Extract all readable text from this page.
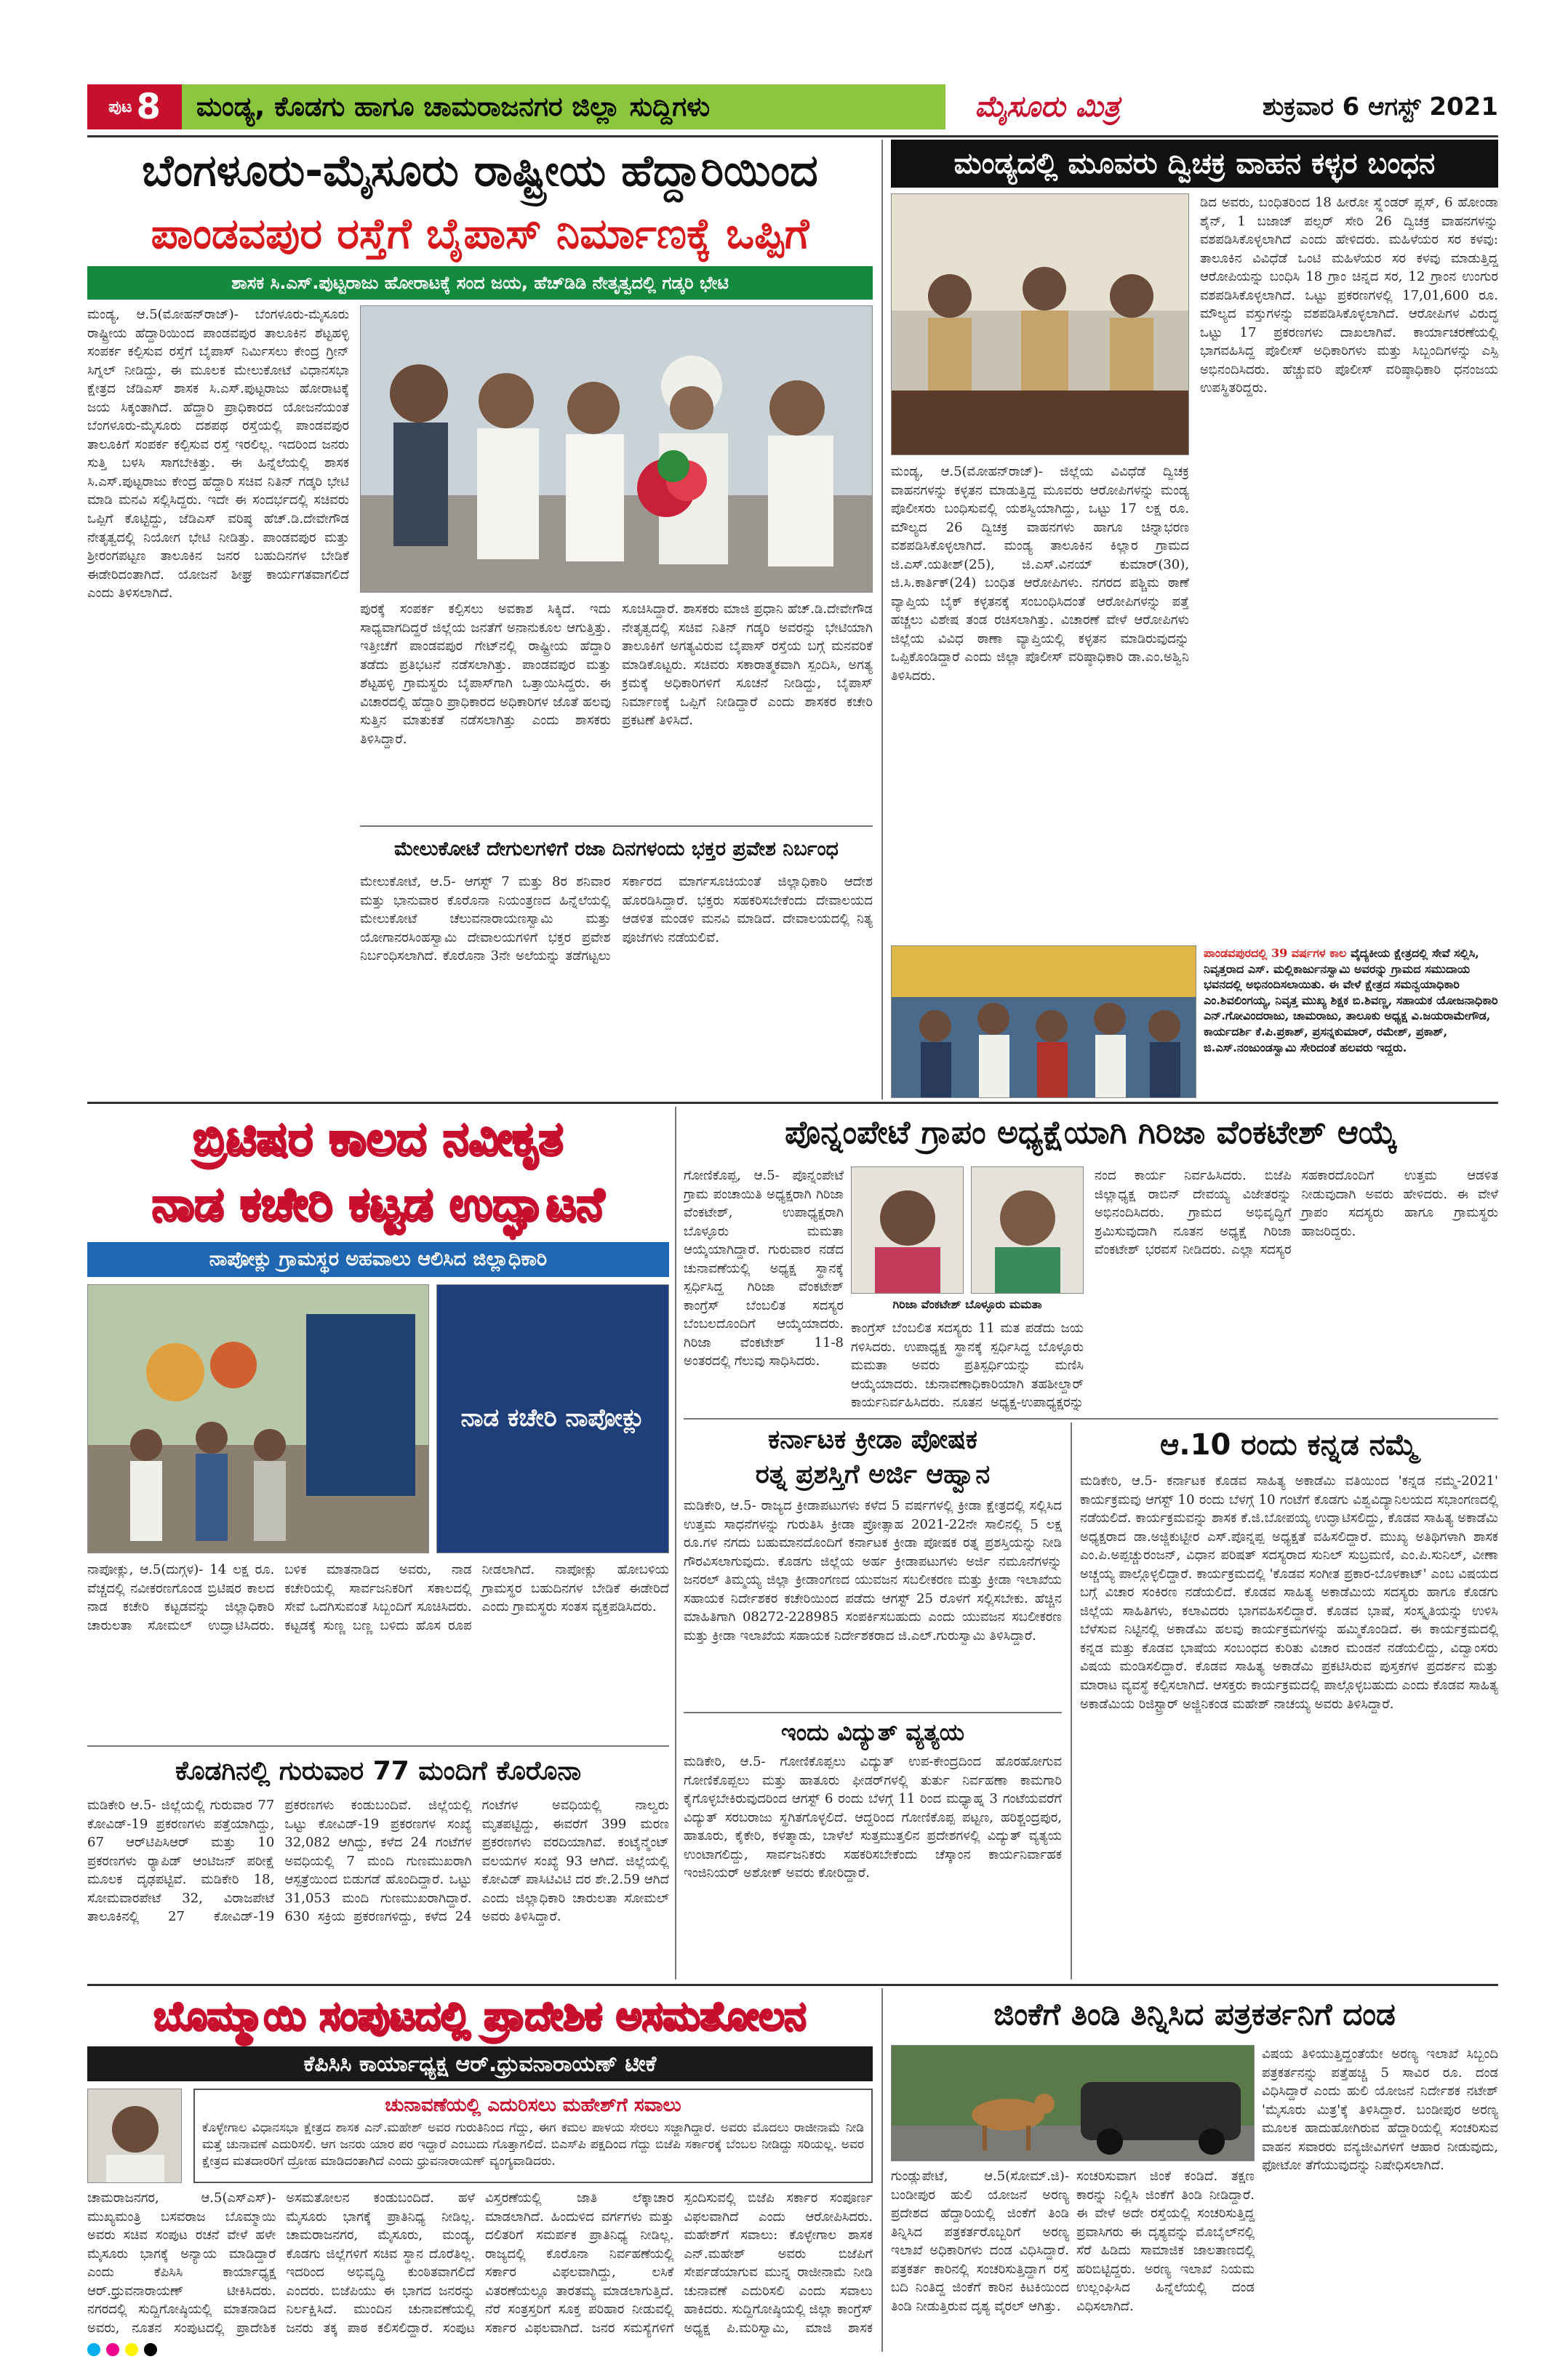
ಪುಟ 8 ಮಂಡ್ಯ, ಕೊಡಗು ಹಾಗೂ ಚಾಮರಾಜನಗರ ಜಿಲ್ಲಾ ಸುದ್ದಿಗಳು	ಮೈಸೂರು ಮಿತ್ರ	ಶುಕ್ರವಾರ 6 ಆಗಸ್ಟ್ 2021
ಬೆಂಗಳೂರು-ಮೈಸೂರು ರಾಷ್ಟ್ರೀಯ ಹೆದ್ದಾರಿಯಿಂದ
ಪಾಂಡವಪುರ ರಸ್ತೆಗೆ ಬೈಪಾಸ್ ನಿರ್ಮಾಣಕ್ಕೆ ಒಪ್ಪಿಗೆ
ಶಾಸಕ ಸಿ.ಎಸ್.ಪುಟ್ಟರಾಜು ಹೋರಾಟಕ್ಕೆ ಸಂದ ಜಯ, ಹೆಚ್‌ಡಿಡಿ ನೇತೃತ್ವದಲ್ಲಿ ಗಡ್ಕರಿ ಭೇಟಿ
ಮಂಡ್ಯ, ಆ.5(ಮೋಹನ್‌ರಾಜ್)- ಬೆಂಗಳೂರು-ಮೈಸೂರು ರಾಷ್ಟ್ರೀಯ ಹೆದ್ದಾರಿಯಿಂದ ಪಾಂಡವಪುರ ತಾಲೂಕಿನ ಶೆಟ್ಟಹಳ್ಳಿ ಸಂಪರ್ಕ ಕಲ್ಪಿಸುವ ರಸ್ತೆಗೆ ಬೈಪಾಸ್ ನಿರ್ಮಿಸಲು ಕೇಂದ್ರ ಗ್ರೀನ್ ಸಿಗ್ನಲ್ ನೀಡಿದ್ದು, ಈ ಮೂಲಕ ಮೇಲುಕೋಟೆ ವಿಧಾನಸಭಾ ಕ್ಷೇತ್ರದ ಜೆಡಿಎಸ್ ಶಾಸಕ ಸಿ.ಎಸ್.ಪುಟ್ಟರಾಜು ಹೋರಾಟಕ್ಕೆ ಜಯ ಸಿಕ್ಕಂತಾಗಿದೆ. ಹೆದ್ದಾರಿ ಪ್ರಾಧಿಕಾರದ ಯೋಜನೆಯಂತೆ ಬೆಂಗಳೂರು-ಮೈಸೂರು ದಶಪಥ ರಸ್ತೆಯಲ್ಲಿ ಪಾಂಡವಪುರ ತಾಲೂಕಿಗೆ ಸಂಪರ್ಕ ಕಲ್ಪಿಸುವ ರಸ್ತೆ ಇರಲಿಲ್ಲ. ಇದರಿಂದ ಜನರು ಸುತ್ತಿ ಬಳಸಿ ಸಾಗಬೇಕಿತ್ತು. ಈ ಹಿನ್ನೆಲೆಯಲ್ಲಿ ಶಾಸಕ ಸಿ.ಎಸ್.ಪುಟ್ಟರಾಜು ಕೇಂದ್ರ ಹೆದ್ದಾರಿ ಸಚಿವ ನಿತಿನ್ ಗಡ್ಕರಿ ಭೇಟಿ ಮಾಡಿ ಮನವಿ ಸಲ್ಲಿಸಿದ್ದರು. ಇದೇ ಈ ಸಂದರ್ಭದಲ್ಲಿ ಸಚಿವರು ಒಪ್ಪಿಗೆ ಕೊಟ್ಟಿದ್ದು, ಜೆಡಿಎಸ್ ವರಿಷ್ಠ ಹೆಚ್.ಡಿ.ದೇವೇಗೌಡ ನೇತೃತ್ವದಲ್ಲಿ ನಿಯೋಗ ಭೇಟಿ ನೀಡಿತ್ತು. ಪಾಂಡವಪುರ ಮತ್ತು ಶ್ರೀರಂಗಪಟ್ಟಣ ತಾಲೂಕಿನ ಜನರ ಬಹುದಿನಗಳ ಬೇಡಿಕೆ ಈಡೇರಿದಂತಾಗಿದೆ. ಯೋಜನೆ ಶೀಘ್ರ ಕಾರ್ಯಗತವಾಗಲಿದೆ ಎಂದು ತಿಳಿಸಲಾಗಿದೆ.
ಪುರಕ್ಕೆ ಸಂಪರ್ಕ ಕಲ್ಪಿಸಲು ಅವಕಾಶ ಸಿಕ್ಕಿದೆ. ಇದು ಸಾಧ್ಯವಾಗದಿದ್ದರೆ ಜಿಲ್ಲೆಯ ಜನತೆಗೆ ಅನಾನುಕೂಲ ಆಗುತ್ತಿತ್ತು. ಇತ್ತೀಚೆಗೆ ಪಾಂಡವಪುರ ಗೇಟ್‌ನಲ್ಲಿ ರಾಷ್ಟ್ರೀಯ ಹೆದ್ದಾರಿ ತಡೆದು ಪ್ರತಿಭಟನೆ ನಡೆಸಲಾಗಿತ್ತು. ಪಾಂಡವಪುರ ಮತ್ತು ಶೆಟ್ಟಹಳ್ಳಿ ಗ್ರಾಮಸ್ಥರು ಬೈಪಾಸ್‌ಗಾಗಿ ಒತ್ತಾಯಿಸಿದ್ದರು. ಈ ವಿಚಾರದಲ್ಲಿ ಹೆದ್ದಾರಿ ಪ್ರಾಧಿಕಾರದ ಅಧಿಕಾರಿಗಳ ಜೊತೆ ಹಲವು ಸುತ್ತಿನ ಮಾತುಕತೆ ನಡೆಸಲಾಗಿತ್ತು ಎಂದು ಶಾಸಕರು ತಿಳಿಸಿದ್ದಾರೆ.
ಸೂಚಿಸಿದ್ದಾರೆ. ಶಾಸಕರು ಮಾಜಿ ಪ್ರಧಾನಿ ಹೆಚ್.ಡಿ.ದೇವೇಗೌಡ ನೇತೃತ್ವದಲ್ಲಿ ಸಚಿವ ನಿತಿನ್ ಗಡ್ಕರಿ ಅವರನ್ನು ಭೇಟಿಯಾಗಿ ತಾಲೂಕಿಗೆ ಅಗತ್ಯವಿರುವ ಬೈಪಾಸ್ ರಸ್ತೆಯ ಬಗ್ಗೆ ಮನವರಿಕೆ ಮಾಡಿಕೊಟ್ಟರು. ಸಚಿವರು ಸಕಾರಾತ್ಮಕವಾಗಿ ಸ್ಪಂದಿಸಿ, ಅಗತ್ಯ ಕ್ರಮಕ್ಕೆ ಅಧಿಕಾರಿಗಳಿಗೆ ಸೂಚನೆ ನೀಡಿದ್ದು, ಬೈಪಾಸ್ ನಿರ್ಮಾಣಕ್ಕೆ ಒಪ್ಪಿಗೆ ನೀಡಿದ್ದಾರೆ ಎಂದು ಶಾಸಕರ ಕಚೇರಿ ಪ್ರಕಟಣೆ ತಿಳಿಸಿದೆ.
ಮೇಲುಕೋಟೆ ದೇಗುಲಗಳಿಗೆ ರಜಾ ದಿನಗಳಂದು ಭಕ್ತರ ಪ್ರವೇಶ ನಿರ್ಬಂಧ
ಮೇಲುಕೋಟೆ, ಆ.5- ಆಗಸ್ಟ್ 7 ಮತ್ತು 8ರ ಶನಿವಾರ ಮತ್ತು ಭಾನುವಾರ ಕೊರೊನಾ ನಿಯಂತ್ರಣದ ಹಿನ್ನೆಲೆಯಲ್ಲಿ ಮೇಲುಕೋಟೆ ಚೆಲುವನಾರಾಯಣಸ್ವಾಮಿ ಮತ್ತು ಯೋಗಾನರಸಿಂಹಸ್ವಾಮಿ ದೇವಾಲಯಗಳಿಗೆ ಭಕ್ತರ ಪ್ರವೇಶ ನಿರ್ಬಂಧಿಸಲಾಗಿದೆ. ಕೊರೊನಾ 3ನೇ ಅಲೆಯನ್ನು ತಡೆಗಟ್ಟಲು ಸರ್ಕಾರದ ಮಾರ್ಗಸೂಚಿಯಂತೆ ಜಿಲ್ಲಾಧಿಕಾರಿ ಆದೇಶ ಹೊರಡಿಸಿದ್ದಾರೆ. ಭಕ್ತರು ಸಹಕರಿಸಬೇಕೆಂದು ದೇವಾಲಯದ ಆಡಳಿತ ಮಂಡಳಿ ಮನವಿ ಮಾಡಿದೆ. ದೇವಾಲಯದಲ್ಲಿ ನಿತ್ಯ ಪೂಜೆಗಳು ನಡೆಯಲಿವೆ.
ಮಂಡ್ಯದಲ್ಲಿ ಮೂವರು ದ್ವಿಚಕ್ರ ವಾಹನ ಕಳ್ಳರ ಬಂಧನ
ಮಂಡ್ಯ, ಆ.5(ಮೋಹನ್‌ರಾಜ್)- ಜಿಲ್ಲೆಯ ವಿವಿಧೆಡೆ ದ್ವಿಚಕ್ರ ವಾಹನಗಳನ್ನು ಕಳ್ಳತನ ಮಾಡುತ್ತಿದ್ದ ಮೂವರು ಆರೋಪಿಗಳನ್ನು ಮಂಡ್ಯ ಪೊಲೀಸರು ಬಂಧಿಸುವಲ್ಲಿ ಯಶಸ್ವಿಯಾಗಿದ್ದು, ಒಟ್ಟು 17 ಲಕ್ಷ ರೂ. ಮೌಲ್ಯದ 26 ದ್ವಿಚಕ್ರ ವಾಹನಗಳು ಹಾಗೂ ಚಿನ್ನಾಭರಣ ವಶಪಡಿಸಿಕೊಳ್ಳಲಾಗಿದೆ. ಮಂಡ್ಯ ತಾಲೂಕಿನ ಕಿಲ್ಲಾರ ಗ್ರಾಮದ ಜಿ.ಎಸ್.ಯತೀಶ್(25), ಜಿ.ಎಸ್.ವಿನಯ್ ಕುಮಾರ್(30), ಜಿ.ಸಿ.ಕಾರ್ತಿಕ್(24) ಬಂಧಿತ ಆರೋಪಿಗಳು. ನಗರದ ಪಶ್ಚಿಮ ಠಾಣೆ ವ್ಯಾಪ್ತಿಯ ಬೈಕ್ ಕಳ್ಳತನಕ್ಕೆ ಸಂಬಂಧಿಸಿದಂತೆ ಆರೋಪಿಗಳನ್ನು ಪತ್ತೆ ಹಚ್ಚಲು ವಿಶೇಷ ತಂಡ ರಚಿಸಲಾಗಿತ್ತು. ವಿಚಾರಣೆ ವೇಳೆ ಆರೋಪಿಗಳು ಜಿಲ್ಲೆಯ ವಿವಿಧ ಠಾಣಾ ವ್ಯಾಪ್ತಿಯಲ್ಲಿ ಕಳ್ಳತನ ಮಾಡಿರುವುದನ್ನು ಒಪ್ಪಿಕೊಂಡಿದ್ದಾರೆ ಎಂದು ಜಿಲ್ಲಾ ಪೊಲೀಸ್ ವರಿಷ್ಠಾಧಿಕಾರಿ ಡಾ.ಎಂ.ಅಶ್ವಿನಿ ತಿಳಿಸಿದರು.
ಡಿದ ಅವರು, ಬಂಧಿತರಿಂದ 18 ಹೀರೋ ಸ್ಪ್ಲೆಂಡರ್ ಪ್ಲಸ್, 6 ಹೋಂಡಾ ಶೈನ್, 1 ಬಜಾಜ್ ಪಲ್ಸರ್ ಸೇರಿ 26 ದ್ವಿಚಕ್ರ ವಾಹನಗಳನ್ನು ವಶಪಡಿಸಿಕೊಳ್ಳಲಾಗಿದೆ ಎಂದು ಹೇಳಿದರು. ಮಹಿಳೆಯರ ಸರ ಕಳವು: ತಾಲೂಕಿನ ವಿವಿಧೆಡೆ ಒಂಟಿ ಮಹಿಳೆಯರ ಸರ ಕಳವು ಮಾಡುತ್ತಿದ್ದ ಆರೋಪಿಯನ್ನು ಬಂಧಿಸಿ 18 ಗ್ರಾಂ ಚಿನ್ನದ ಸರ, 12 ಗ್ರಾಂನ ಉಂಗುರ ವಶಪಡಿಸಿಕೊಳ್ಳಲಾಗಿದೆ. ಒಟ್ಟು ಪ್ರಕರಣಗಳಲ್ಲಿ 17,01,600 ರೂ. ಮೌಲ್ಯದ ವಸ್ತುಗಳನ್ನು ವಶಪಡಿಸಿಕೊಳ್ಳಲಾಗಿದೆ. ಆರೋಪಿಗಳ ವಿರುದ್ಧ ಒಟ್ಟು 17 ಪ್ರಕರಣಗಳು ದಾಖಲಾಗಿವೆ. ಕಾರ್ಯಾಚರಣೆಯಲ್ಲಿ ಭಾಗವಹಿಸಿದ್ದ ಪೊಲೀಸ್ ಅಧಿಕಾರಿಗಳು ಮತ್ತು ಸಿಬ್ಬಂದಿಗಳನ್ನು ಎಸ್ಪಿ ಅಭಿನಂದಿಸಿದರು. ಹೆಚ್ಚುವರಿ ಪೊಲೀಸ್ ವರಿಷ್ಠಾಧಿಕಾರಿ ಧನಂಜಯ ಉಪಸ್ಥಿತರಿದ್ದರು.
ಪಾಂಡವಪುರದಲ್ಲಿ 39 ವರ್ಷಗಳ ಕಾಲ ವೈದ್ಯಕೀಯ ಕ್ಷೇತ್ರದಲ್ಲಿ ಸೇವೆ ಸಲ್ಲಿಸಿ, ನಿವೃತ್ತರಾದ ಎಸ್. ಮಲ್ಲಿಕಾರ್ಜುನಸ್ವಾಮಿ ಅವರನ್ನು ಗ್ರಾಮದ ಸಮುದಾಯ ಭವನದಲ್ಲಿ ಅಭಿನಂದಿಸಲಾಯಿತು. ಈ ವೇಳೆ ಕ್ಷೇತ್ರದ ಸಮನ್ವಯಾಧಿಕಾರಿ ಎಂ.ಶಿವಲಿಂಗಯ್ಯ, ನಿವೃತ್ತ ಮುಖ್ಯ ಶಿಕ್ಷಕ ಬಿ.ಶಿವಣ್ಣ, ಸಹಾಯಕ ಯೋಜನಾಧಿಕಾರಿ ಎನ್.ಗೋವಿಂದರಾಜು, ಚಾಮರಾಜು, ತಾಲೂಕು ಅಧ್ಯಕ್ಷ ವಿ.ಜಯರಾಮೇಗೌಡ, ಕಾರ್ಯದರ್ಶಿ ಕೆ.ಪಿ.ಪ್ರಕಾಶ್, ಪ್ರಸನ್ನಕುಮಾರ್, ರಮೇಶ್, ಪ್ರಕಾಶ್, ಜಿ.ಎಸ್.ನಂಜುಂಡಸ್ವಾಮಿ ಸೇರಿದಂತೆ ಹಲವರು ಇದ್ದರು.
ಬ್ರಿಟಿಷರ ಕಾಲದ ನವೀಕೃತ
ನಾಡ ಕಚೇರಿ ಕಟ್ಟಡ ಉದ್ಘಾಟನೆ
ನಾಪೋಕ್ಲು ಗ್ರಾಮಸ್ಥರ ಅಹವಾಲು ಆಲಿಸಿದ ಜಿಲ್ಲಾಧಿಕಾರಿ
ನಾಡ ಕಚೇರಿ ನಾಪೋಕ್ಲು
ನಾಪೋಕ್ಲು, ಆ.5(ದುಗ್ಗಳ)- 14 ಲಕ್ಷ ರೂ. ವೆಚ್ಚದಲ್ಲಿ ನವೀಕರಣಗೊಂಡ ಬ್ರಿಟಿಷರ ಕಾಲದ ನಾಡ ಕಚೇರಿ ಕಟ್ಟಡವನ್ನು ಜಿಲ್ಲಾಧಿಕಾರಿ ಚಾರುಲತಾ ಸೋಮಲ್ ಉದ್ಘಾಟಿಸಿದರು. ಬಳಿಕ ಮಾತನಾಡಿದ ಅವರು, ನಾಡ ಕಚೇರಿಯಲ್ಲಿ ಸಾರ್ವಜನಿಕರಿಗೆ ಸಕಾಲದಲ್ಲಿ ಸೇವೆ ಒದಗಿಸುವಂತೆ ಸಿಬ್ಬಂದಿಗೆ ಸೂಚಿಸಿದರು. ಕಟ್ಟಡಕ್ಕೆ ಸುಣ್ಣ ಬಣ್ಣ ಬಳಿದು ಹೊಸ ರೂಪ ನೀಡಲಾಗಿದೆ. ನಾಪೋಕ್ಲು ಹೋಬಳಿಯ ಗ್ರಾಮಸ್ಥರ ಬಹುದಿನಗಳ ಬೇಡಿಕೆ ಈಡೇರಿದೆ ಎಂದು ಗ್ರಾಮಸ್ಥರು ಸಂತಸ ವ್ಯಕ್ತಪಡಿಸಿದರು.
ಕೊಡಗಿನಲ್ಲಿ ಗುರುವಾರ 77 ಮಂದಿಗೆ ಕೊರೊನಾ
ಮಡಿಕೇರಿ ಆ.5- ಜಿಲ್ಲೆಯಲ್ಲಿ ಗುರುವಾರ 77 ಕೋವಿಡ್-19 ಪ್ರಕರಣಗಳು ಪತ್ತೆಯಾಗಿದ್ದು, 67 ಆರ್‌ಟಿಪಿಸಿಆರ್ ಮತ್ತು 10 ಪ್ರಕರಣಗಳು ರ‍್ಯಾಪಿಡ್ ಆಂಟಿಜನ್ ಪರೀಕ್ಷೆ ಮೂಲಕ ದೃಢಪಟ್ಟಿವೆ. ಮಡಿಕೇರಿ 18, ಸೋಮವಾರಪೇಟೆ 32, ವಿರಾಜಪೇಟೆ ತಾಲೂಕಿನಲ್ಲಿ 27 ಕೋವಿಡ್-19 ಪ್ರಕರಣಗಳು ಕಂಡುಬಂದಿವೆ. ಜಿಲ್ಲೆಯಲ್ಲಿ ಒಟ್ಟು ಕೋವಿಡ್-19 ಪ್ರಕರಣಗಳ ಸಂಖ್ಯೆ 32,082 ಆಗಿದ್ದು, ಕಳೆದ 24 ಗಂಟೆಗಳ ಅವಧಿಯಲ್ಲಿ 7 ಮಂದಿ ಗುಣಮುಖರಾಗಿ ಆಸ್ಪತ್ರೆಯಿಂದ ಬಿಡುಗಡೆ ಹೊಂದಿದ್ದಾರೆ. ಒಟ್ಟು 31,053 ಮಂದಿ ಗುಣಮುಖರಾಗಿದ್ದಾರೆ. 630 ಸಕ್ರಿಯ ಪ್ರಕರಣಗಳಿದ್ದು, ಕಳೆದ 24 ಗಂಟೆಗಳ ಅವಧಿಯಲ್ಲಿ ನಾಲ್ವರು ಮೃತಪಟ್ಟಿದ್ದು, ಈವರೆಗೆ 399 ಮರಣ ಪ್ರಕರಣಗಳು ವರದಿಯಾಗಿವೆ. ಕಂಟೈನ್ಮೆಂಟ್ ವಲಯಗಳ ಸಂಖ್ಯೆ 93 ಆಗಿದೆ. ಜಿಲ್ಲೆಯಲ್ಲಿ ಕೋವಿಡ್ ಪಾಸಿಟಿವಿಟಿ ದರ ಶೇ.2.59 ಆಗಿದೆ ಎಂದು ಜಿಲ್ಲಾಧಿಕಾರಿ ಚಾರುಲತಾ ಸೋಮಲ್ ಅವರು ತಿಳಿಸಿದ್ದಾರೆ.
ಪೊನ್ನಂಪೇಟೆ ಗ್ರಾಪಂ ಅಧ್ಯಕ್ಷೆಯಾಗಿ ಗಿರಿಜಾ ವೆಂಕಟೇಶ್ ಆಯ್ಕೆ
ಗೋಣಿಕೊಪ್ಪ, ಆ.5- ಪೊನ್ನಂಪೇಟೆ ಗ್ರಾಮ ಪಂಚಾಯಿತಿ ಅಧ್ಯಕ್ಷರಾಗಿ ಗಿರಿಜಾ ವೆಂಕಟೇಶ್, ಉಪಾಧ್ಯಕ್ಷರಾಗಿ ಬೊಳ್ಳೂರು ಮಮತಾ ಆಯ್ಕೆಯಾಗಿದ್ದಾರೆ. ಗುರುವಾರ ನಡೆದ ಚುನಾವಣೆಯಲ್ಲಿ ಅಧ್ಯಕ್ಷ ಸ್ಥಾನಕ್ಕೆ ಸ್ಪರ್ಧಿಸಿದ್ದ ಗಿರಿಜಾ ವೆಂಕಟೇಶ್ ಕಾಂಗ್ರೆಸ್ ಬೆಂಬಲಿತ ಸದಸ್ಯರ ಬೆಂಬಲದೊಂದಿಗೆ ಆಯ್ಕೆಯಾದರು. ಗಿರಿಜಾ ವೆಂಕಟೇಶ್ 11-8 ಅಂತರದಲ್ಲಿ ಗೆಲುವು ಸಾಧಿಸಿದರು.
ಗಿರಿಜಾ ವೆಂಕಟೇಶ್ ಬೊಳ್ಳೂರು ಮಮತಾ
ಕಾಂಗ್ರೆಸ್ ಬೆಂಬಲಿತ ಸದಸ್ಯರು 11 ಮತ ಪಡೆದು ಜಯ ಗಳಿಸಿದರು. ಉಪಾಧ್ಯಕ್ಷ ಸ್ಥಾನಕ್ಕೆ ಸ್ಪರ್ಧಿಸಿದ್ದ ಬೊಳ್ಳೂರು ಮಮತಾ ಅವರು ಪ್ರತಿಸ್ಪರ್ಧಿಯನ್ನು ಮಣಿಸಿ ಆಯ್ಕೆಯಾದರು. ಚುನಾವಣಾಧಿಕಾರಿಯಾಗಿ ತಹಶೀಲ್ದಾರ್ ಕಾರ್ಯನಿರ್ವಹಿಸಿದರು. ನೂತನ ಅಧ್ಯಕ್ಷ-ಉಪಾಧ್ಯಕ್ಷರನ್ನು
ನಂದ ಕಾರ್ಯ ನಿರ್ವಹಿಸಿದರು. ಬಿಜೆಪಿ ಜಿಲ್ಲಾಧ್ಯಕ್ಷ ರಾಬಿನ್ ದೇವಯ್ಯ ವಿಜೇತರನ್ನು ಅಭಿನಂದಿಸಿದರು. ಗ್ರಾಮದ ಅಭಿವೃದ್ಧಿಗೆ ಶ್ರಮಿಸುವುದಾಗಿ ನೂತನ ಅಧ್ಯಕ್ಷೆ ಗಿರಿಜಾ ವೆಂಕಟೇಶ್ ಭರವಸೆ ನೀಡಿದರು. ಎಲ್ಲಾ ಸದಸ್ಯರ ಸಹಕಾರದೊಂದಿಗೆ ಉತ್ತಮ ಆಡಳಿತ ನೀಡುವುದಾಗಿ ಅವರು ಹೇಳಿದರು. ಈ ವೇಳೆ ಗ್ರಾಪಂ ಸದಸ್ಯರು ಹಾಗೂ ಗ್ರಾಮಸ್ಥರು ಹಾಜರಿದ್ದರು.
ಕರ್ನಾಟಕ ಕ್ರೀಡಾ ಪೋಷಕ
ರತ್ನ ಪ್ರಶಸ್ತಿಗೆ ಅರ್ಜಿ ಆಹ್ವಾನ
ಮಡಿಕೇರಿ, ಆ.5- ರಾಜ್ಯದ ಕ್ರೀಡಾಪಟುಗಳು ಕಳೆದ 5 ವರ್ಷಗಳಲ್ಲಿ ಕ್ರೀಡಾ ಕ್ಷೇತ್ರದಲ್ಲಿ ಸಲ್ಲಿಸಿದ ಉತ್ತಮ ಸಾಧನೆಗಳನ್ನು ಗುರುತಿಸಿ ಕ್ರೀಡಾ ಪ್ರೋತ್ಸಾಹ 2021-22ನೇ ಸಾಲಿನಲ್ಲಿ 5 ಲಕ್ಷ ರೂ.ಗಳ ನಗದು ಬಹುಮಾನದೊಂದಿಗೆ ಕರ್ನಾಟಕ ಕ್ರೀಡಾ ಪೋಷಕ ರತ್ನ ಪ್ರಶಸ್ತಿಯನ್ನು ನೀಡಿ ಗೌರವಿಸಲಾಗುವುದು. ಕೊಡಗು ಜಿಲ್ಲೆಯ ಅರ್ಹ ಕ್ರೀಡಾಪಟುಗಳು ಅರ್ಜಿ ನಮೂನೆಗಳನ್ನು ಜನರಲ್ ತಿಮ್ಮಯ್ಯ ಜಿಲ್ಲಾ ಕ್ರೀಡಾಂಗಣದ ಯುವಜನ ಸಬಲೀಕರಣ ಮತ್ತು ಕ್ರೀಡಾ ಇಲಾಖೆಯ ಸಹಾಯಕ ನಿರ್ದೇಶಕರ ಕಚೇರಿಯಿಂದ ಪಡೆದು ಆಗಸ್ಟ್ 25 ರೊಳಗೆ ಸಲ್ಲಿಸಬೇಕು. ಹೆಚ್ಚಿನ ಮಾಹಿತಿಗಾಗಿ 08272-228985 ಸಂಪರ್ಕಿಸಬಹುದು ಎಂದು ಯುವಜನ ಸಬಲೀಕರಣ ಮತ್ತು ಕ್ರೀಡಾ ಇಲಾಖೆಯ ಸಹಾಯಕ ನಿರ್ದೇಶಕರಾದ ಜಿ.ಎಲ್.ಗುರುಸ್ವಾಮಿ ತಿಳಿಸಿದ್ದಾರೆ.
ಇಂದು ವಿದ್ಯುತ್ ವ್ಯತ್ಯಯ
ಮಡಿಕೇರಿ, ಆ.5- ಗೋಣಿಕೊಪ್ಪಲು ವಿದ್ಯುತ್ ಉಪ-ಕೇಂದ್ರದಿಂದ ಹೊರಹೋಗುವ ಗೋಣಿಕೊಪ್ಪಲು ಮತ್ತು ಹಾತೂರು ಫೀಡರ್‌ಗಳಲ್ಲಿ ತುರ್ತು ನಿರ್ವಹಣಾ ಕಾಮಗಾರಿ ಕೈಗೊಳ್ಳಬೇಕಿರುವುದರಿಂದ ಆಗಸ್ಟ್ 6 ರಂದು ಬೆಳಗ್ಗೆ 11 ರಿಂದ ಮಧ್ಯಾಹ್ನ 3 ಗಂಟೆಯವರೆಗೆ ವಿದ್ಯುತ್ ಸರಬರಾಜು ಸ್ಥಗಿತಗೊಳ್ಳಲಿದೆ. ಆದ್ದರಿಂದ ಗೋಣಿಕೊಪ್ಪ ಪಟ್ಟಣ, ಹರಿಶ್ಚಂದ್ರಪುರ, ಹಾತೂರು, ಕೈಕೇರಿ, ಕಳತ್ಮಾಡು, ಬಾಳೆಲೆ ಸುತ್ತಮುತ್ತಲಿನ ಪ್ರದೇಶಗಳಲ್ಲಿ ವಿದ್ಯುತ್ ವ್ಯತ್ಯಯ ಉಂಟಾಗಲಿದ್ದು, ಸಾರ್ವಜನಿಕರು ಸಹಕರಿಸಬೇಕೆಂದು ಚೆಸ್ಕಾಂನ ಕಾರ್ಯನಿರ್ವಾಹಕ ಇಂಜಿನಿಯರ್ ಅಶೋಕ್ ಅವರು ಕೋರಿದ್ದಾರೆ.
ಆ.10 ರಂದು ಕನ್ನಡ ನಮ್ಮೆ
ಮಡಿಕೇರಿ, ಆ.5- ಕರ್ನಾಟಕ ಕೊಡವ ಸಾಹಿತ್ಯ ಅಕಾಡೆಮಿ ವತಿಯಿಂದ 'ಕನ್ನಡ ನಮ್ಮೆ-2021' ಕಾರ್ಯಕ್ರಮವು ಆಗಸ್ಟ್ 10 ರಂದು ಬೆಳಗ್ಗೆ 10 ಗಂಟೆಗೆ ಕೊಡಗು ವಿಶ್ವವಿದ್ಯಾನಿಲಯದ ಸಭಾಂಗಣದಲ್ಲಿ ನಡೆಯಲಿದೆ. ಕಾರ್ಯಕ್ರಮವನ್ನು ಶಾಸಕ ಕೆ.ಜಿ.ಬೋಪಯ್ಯ ಉದ್ಘಾಟಿಸಲಿದ್ದು, ಕೊಡವ ಸಾಹಿತ್ಯ ಅಕಾಡೆಮಿ ಅಧ್ಯಕ್ಷರಾದ ಡಾ.ಅಜ್ಜಿಕುಟ್ಟೀರ ಎಸ್.ಪೊನ್ನಪ್ಪ ಅಧ್ಯಕ್ಷತೆ ವಹಿಸಲಿದ್ದಾರೆ. ಮುಖ್ಯ ಅತಿಥಿಗಳಾಗಿ ಶಾಸಕ ಎಂ.ಪಿ.ಅಪ್ಪಚ್ಚುರಂಜನ್, ವಿಧಾನ ಪರಿಷತ್ ಸದಸ್ಯರಾದ ಸುನಿಲ್ ಸುಬ್ರಮಣಿ, ಎಂ.ಪಿ.ಸುನಿಲ್, ವೀಣಾ ಅಚ್ಚಯ್ಯ ಪಾಲ್ಗೊಳ್ಳಲಿದ್ದಾರೆ. ಕಾರ್ಯಕ್ರಮದಲ್ಲಿ 'ಕೊಡವ ಸಂಗೀತ ಪ್ರಕಾರ-ಬೊಳಕಾಟ್' ಎಂಬ ವಿಷಯದ ಬಗ್ಗೆ ವಿಚಾರ ಸಂಕಿರಣ ನಡೆಯಲಿದೆ. ಕೊಡವ ಸಾಹಿತ್ಯ ಅಕಾಡೆಮಿಯ ಸದಸ್ಯರು ಹಾಗೂ ಕೊಡಗು ಜಿಲ್ಲೆಯ ಸಾಹಿತಿಗಳು, ಕಲಾವಿದರು ಭಾಗವಹಿಸಲಿದ್ದಾರೆ. ಕೊಡವ ಭಾಷೆ, ಸಂಸ್ಕೃತಿಯನ್ನು ಉಳಿಸಿ ಬೆಳೆಸುವ ನಿಟ್ಟಿನಲ್ಲಿ ಅಕಾಡೆಮಿ ಹಲವು ಕಾರ್ಯಕ್ರಮಗಳನ್ನು ಹಮ್ಮಿಕೊಂಡಿದೆ. ಈ ಕಾರ್ಯಕ್ರಮದಲ್ಲಿ ಕನ್ನಡ ಮತ್ತು ಕೊಡವ ಭಾಷೆಯ ಸಂಬಂಧದ ಕುರಿತು ವಿಚಾರ ಮಂಡನೆ ನಡೆಯಲಿದ್ದು, ವಿದ್ವಾಂಸರು ವಿಷಯ ಮಂಡಿಸಲಿದ್ದಾರೆ. ಕೊಡವ ಸಾಹಿತ್ಯ ಅಕಾಡೆಮಿ ಪ್ರಕಟಿಸಿರುವ ಪುಸ್ತಕಗಳ ಪ್ರದರ್ಶನ ಮತ್ತು ಮಾರಾಟ ವ್ಯವಸ್ಥೆ ಕಲ್ಪಿಸಲಾಗಿದೆ. ಆಸಕ್ತರು ಕಾರ್ಯಕ್ರಮದಲ್ಲಿ ಪಾಲ್ಗೊಳ್ಳಬಹುದು ಎಂದು ಕೊಡವ ಸಾಹಿತ್ಯ ಅಕಾಡೆಮಿಯ ರಿಜಿಸ್ಟ್ರಾರ್ ಅಜ್ಜಿನಿಕಂಡ ಮಹೇಶ್ ನಾಚಯ್ಯ ಅವರು ತಿಳಿಸಿದ್ದಾರೆ.
ಬೊಮ್ಮಾಯಿ ಸಂಪುಟದಲ್ಲಿ ಪ್ರಾದೇಶಿಕ ಅಸಮತೋಲನ
ಕೆಪಿಸಿಸಿ ಕಾರ್ಯಾಧ್ಯಕ್ಷ ಆರ್.ಧ್ರುವನಾರಾಯಣ್ ಟೀಕೆ
ಚಾಮರಾಜನಗರ, ಆ.5(ಎಸ್‌ಎಸ್)- ಮುಖ್ಯಮಂತ್ರಿ ಬಸವರಾಜ ಬೊಮ್ಮಾಯಿ ಅವರು ಸಚಿವ ಸಂಪುಟ ರಚನೆ ವೇಳೆ ಹಳೇ ಮೈಸೂರು ಭಾಗಕ್ಕೆ ಅನ್ಯಾಯ ಮಾಡಿದ್ದಾರೆ ಎಂದು ಕೆಪಿಸಿಸಿ ಕಾರ್ಯಾಧ್ಯಕ್ಷ ಆರ್.ಧ್ರುವನಾರಾಯಣ್ ಟೀಕಿಸಿದರು. ನಗರದಲ್ಲಿ ಸುದ್ದಿಗೋಷ್ಠಿಯಲ್ಲಿ ಮಾತನಾಡಿದ ಅವರು, ನೂತನ ಸಂಪುಟದಲ್ಲಿ ಪ್ರಾದೇಶಿಕ ಅಸಮತೋಲನ ಕಂಡುಬಂದಿದೆ. ಹಳೆ ಮೈಸೂರು ಭಾಗಕ್ಕೆ ಪ್ರಾತಿನಿಧ್ಯ ನೀಡಿಲ್ಲ. ಚಾಮರಾಜನಗರ, ಮೈಸೂರು, ಮಂಡ್ಯ, ಕೊಡಗು ಜಿಲ್ಲೆಗಳಿಗೆ ಸಚಿವ ಸ್ಥಾನ ದೊರೆತಿಲ್ಲ. ಇದರಿಂದ ಅಭಿವೃದ್ಧಿ ಕುಂಠಿತವಾಗಲಿದೆ ಎಂದರು. ಬಿಜೆಪಿಯು ಈ ಭಾಗದ ಜನರನ್ನು ನಿರ್ಲಕ್ಷಿಸಿದೆ. ಮುಂದಿನ ಚುನಾವಣೆಯಲ್ಲಿ ಜನರು ತಕ್ಕ ಪಾಠ ಕಲಿಸಲಿದ್ದಾರೆ. ಸಂಪುಟ ವಿಸ್ತರಣೆಯಲ್ಲಿ ಜಾತಿ ಲೆಕ್ಕಾಚಾರ ಮಾಡಲಾಗಿದೆ. ಹಿಂದುಳಿದ ವರ್ಗಗಳು ಮತ್ತು ದಲಿತರಿಗೆ ಸಮರ್ಪಕ ಪ್ರಾತಿನಿಧ್ಯ ನೀಡಿಲ್ಲ. ರಾಜ್ಯದಲ್ಲಿ ಕೊರೊನಾ ನಿರ್ವಹಣೆಯಲ್ಲಿ ಸರ್ಕಾರ ವಿಫಲವಾಗಿದ್ದು, ಲಸಿಕೆ ವಿತರಣೆಯಲ್ಲೂ ತಾರತಮ್ಯ ಮಾಡಲಾಗುತ್ತಿದೆ. ನೆರೆ ಸಂತ್ರಸ್ತರಿಗೆ ಸೂಕ್ತ ಪರಿಹಾರ ನೀಡುವಲ್ಲಿ ಸರ್ಕಾರ ವಿಫಲವಾಗಿದೆ. ಜನರ ಸಮಸ್ಯೆಗಳಿಗೆ ಸ್ಪಂದಿಸುವಲ್ಲಿ ಬಿಜೆಪಿ ಸರ್ಕಾರ ಸಂಪೂರ್ಣ ವಿಫಲವಾಗಿದೆ ಎಂದು ಆರೋಪಿಸಿದರು. ಮಹೇಶ್‌ಗೆ ಸವಾಲು: ಕೊಳ್ಳೇಗಾಲ ಶಾಸಕ ಎನ್.ಮಹೇಶ್ ಅವರು ಬಿಜೆಪಿಗೆ ಸೇರ್ಪಡೆಯಾಗುವ ಮುನ್ನ ರಾಜೀನಾಮೆ ನೀಡಿ ಚುನಾವಣೆ ಎದುರಿಸಲಿ ಎಂದು ಸವಾಲು ಹಾಕಿದರು. ಸುದ್ದಿಗೋಷ್ಠಿಯಲ್ಲಿ ಜಿಲ್ಲಾ ಕಾಂಗ್ರೆಸ್ ಅಧ್ಯಕ್ಷ ಪಿ.ಮರಿಸ್ವಾಮಿ, ಮಾಜಿ ಶಾಸಕ
ಚುನಾವಣೆಯಲ್ಲಿ ಎದುರಿಸಲು ಮಹೇಶ್‌ಗೆ ಸವಾಲು
ಕೊಳ್ಳೇಗಾಲ ವಿಧಾನಸಭಾ ಕ್ಷೇತ್ರದ ಶಾಸಕ ಎನ್.ಮಹೇಶ್ ಅವರ ಗುರುತಿನಿಂದ ಗೆದ್ದು, ಈಗ ಕಮಲ ಪಾಳಯ ಸೇರಲು ಸಜ್ಜಾಗಿದ್ದಾರೆ. ಅವರು ಮೊದಲು ರಾಜೀನಾಮೆ ನೀಡಿ ಮತ್ತೆ ಚುನಾವಣೆ ಎದುರಿಸಲಿ. ಆಗ ಜನರು ಯಾರ ಪರ ಇದ್ದಾರೆ ಎಂಬುದು ಗೊತ್ತಾಗಲಿದೆ. ಬಿಎಸ್‌ಪಿ ಪಕ್ಷದಿಂದ ಗೆದ್ದು ಬಿಜೆಪಿ ಸರ್ಕಾರಕ್ಕೆ ಬೆಂಬಲ ನೀಡಿದ್ದು ಸರಿಯಲ್ಲ. ಅವರ ಕ್ಷೇತ್ರದ ಮತದಾರರಿಗೆ ದ್ರೋಹ ಮಾಡಿದಂತಾಗಿದೆ ಎಂದು ಧ್ರುವನಾರಾಯಣ್ ವ್ಯಂಗ್ಯವಾಡಿದರು.
ಜಿಂಕೆಗೆ ತಿಂಡಿ ತಿನ್ನಿಸಿದ ಪತ್ರಕರ್ತನಿಗೆ ದಂಡ
ವಿಷಯ ತಿಳಿಯುತ್ತಿದ್ದಂತೆಯೇ ಅರಣ್ಯ ಇಲಾಖೆ ಸಿಬ್ಬಂದಿ ಪತ್ರಕರ್ತನನ್ನು ಪತ್ತೆಹಚ್ಚಿ 5 ಸಾವಿರ ರೂ. ದಂಡ ವಿಧಿಸಿದ್ದಾರೆ ಎಂದು ಹುಲಿ ಯೋಜನೆ ನಿರ್ದೇಶಕ ನಟೇಶ್ 'ಮೈಸೂರು ಮಿತ್ರ'ಕ್ಕೆ ತಿಳಿಸಿದ್ದಾರೆ. ಬಂಡೀಪುರ ಅರಣ್ಯ ಮೂಲಕ ಹಾದುಹೋಗಿರುವ ಹೆದ್ದಾರಿಯಲ್ಲಿ ಸಂಚರಿಸುವ ವಾಹನ ಸವಾರರು ವನ್ಯಜೀವಿಗಳಿಗೆ ಆಹಾರ ನೀಡುವುದು, ಫೋಟೋ ತೆಗೆಯುವುದನ್ನು ನಿಷೇಧಿಸಲಾಗಿದೆ.
ಗುಂಡ್ಲುಪೇಟೆ, ಆ.5(ಸೋಮ್.ಜಿ)- ಬಂಡೀಪುರ ಹುಲಿ ಯೋಜನೆ ಅರಣ್ಯ ಪ್ರದೇಶದ ಹೆದ್ದಾರಿಯಲ್ಲಿ ಜಿಂಕೆಗೆ ತಿಂಡಿ ತಿನ್ನಿಸಿದ ಪತ್ರಕರ್ತರೊಬ್ಬರಿಗೆ ಅರಣ್ಯ ಇಲಾಖೆ ಅಧಿಕಾರಿಗಳು ದಂಡ ವಿಧಿಸಿದ್ದಾರೆ. ಪತ್ರಕರ್ತ ಕಾರಿನಲ್ಲಿ ಸಂಚರಿಸುತ್ತಿದ್ದಾಗ ರಸ್ತೆ ಬದಿ ನಿಂತಿದ್ದ ಜಿಂಕೆಗೆ ಕಾರಿನ ಕಿಟಕಿಯಿಂದ ತಿಂಡಿ ನೀಡುತ್ತಿರುವ ದೃಶ್ಯ ವೈರಲ್ ಆಗಿತ್ತು.
ಸಂಚರಿಸುವಾಗ ಜಿಂಕೆ ಕಂಡಿದೆ. ತಕ್ಷಣ ಕಾರನ್ನು ನಿಲ್ಲಿಸಿ ಜಿಂಕೆಗೆ ತಿಂಡಿ ನೀಡಿದ್ದಾರೆ. ಈ ವೇಳೆ ಅದೇ ರಸ್ತೆಯಲ್ಲಿ ಸಂಚರಿಸುತ್ತಿದ್ದ ಪ್ರವಾಸಿಗರು ಈ ದೃಶ್ಯವನ್ನು ಮೊಬೈಲ್‌ನಲ್ಲಿ ಸೆರೆ ಹಿಡಿದು ಸಾಮಾಜಿಕ ಜಾಲತಾಣದಲ್ಲಿ ಹರಿಬಿಟ್ಟಿದ್ದರು. ಅರಣ್ಯ ಇಲಾಖೆ ನಿಯಮ ಉಲ್ಲಂಘಿಸಿದ ಹಿನ್ನೆಲೆಯಲ್ಲಿ ದಂಡ ವಿಧಿಸಲಾಗಿದೆ.
